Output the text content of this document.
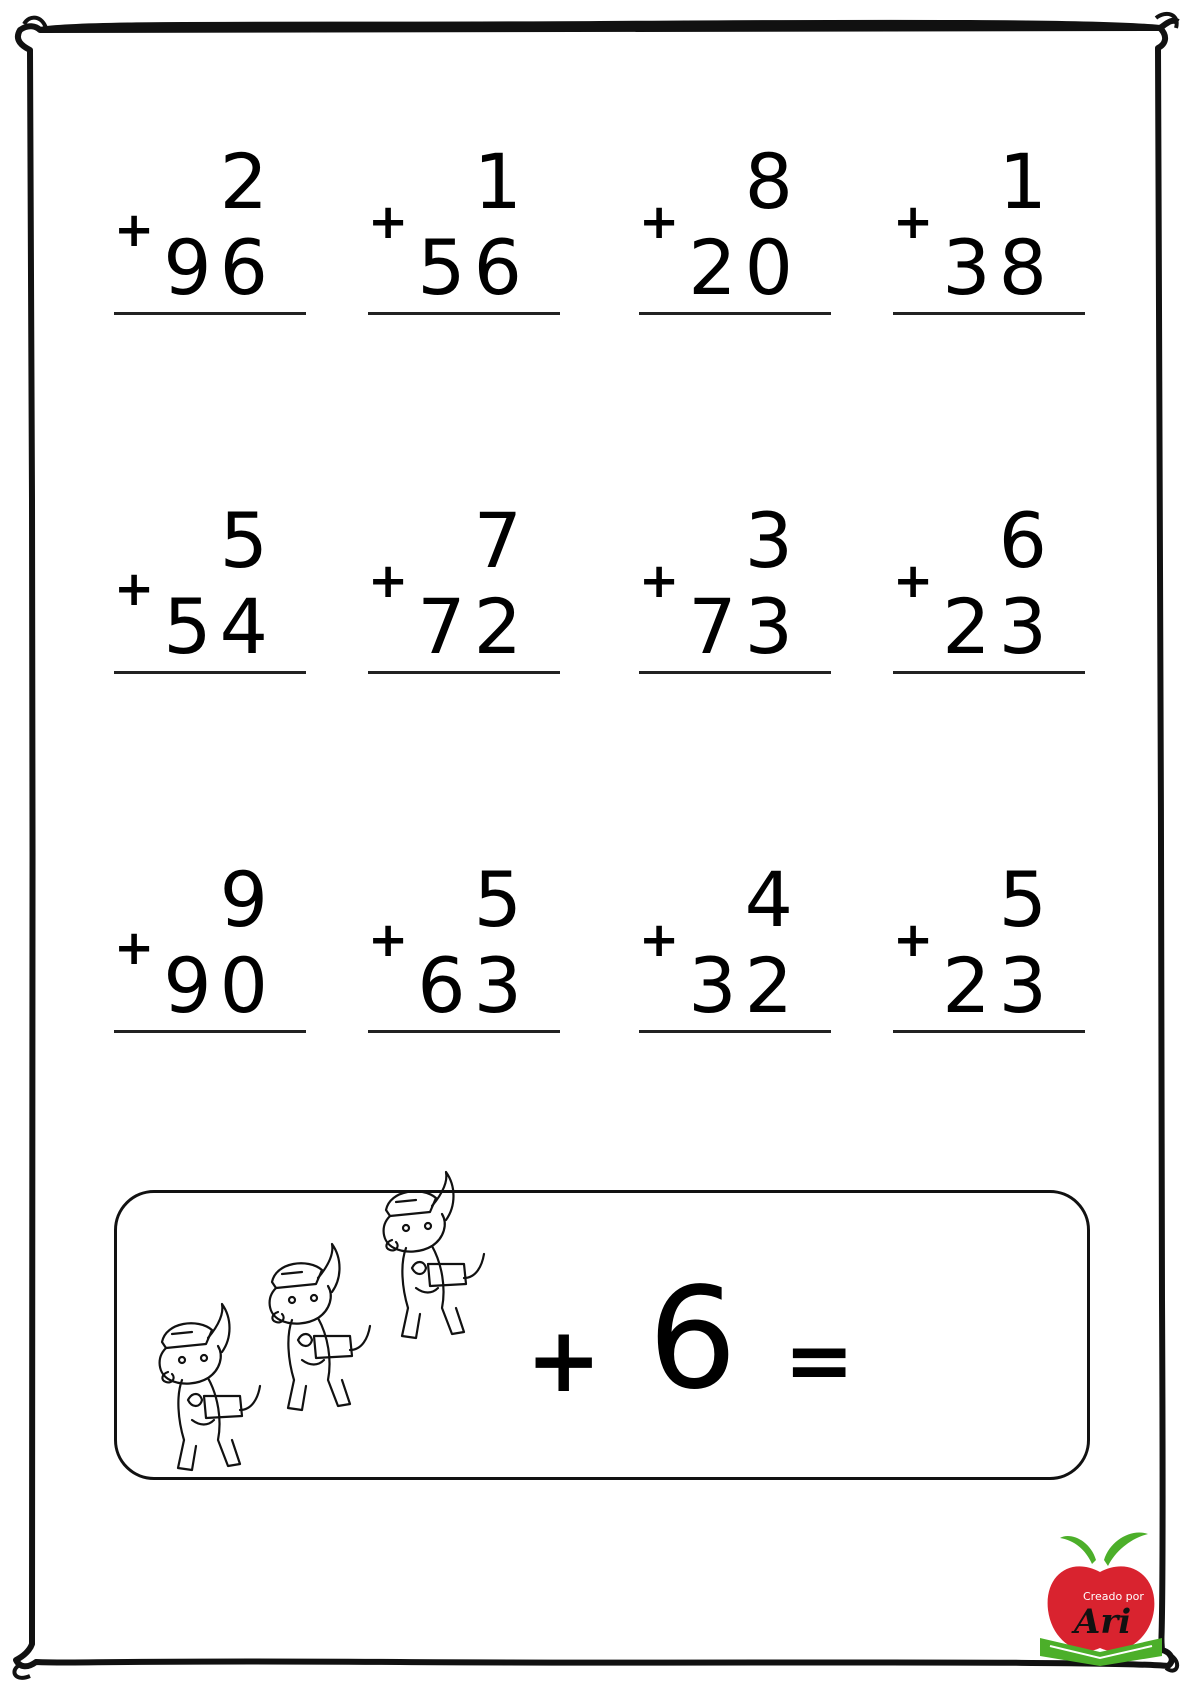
2
+ 96
1
+
56
8
+
20
1
+
38
5
+ 54
7
+
72
3
+
73
6
+
23
9
+ 90
5
+
63
4
+
32
5
+
23
+ 6 =
Creado por
Ari
